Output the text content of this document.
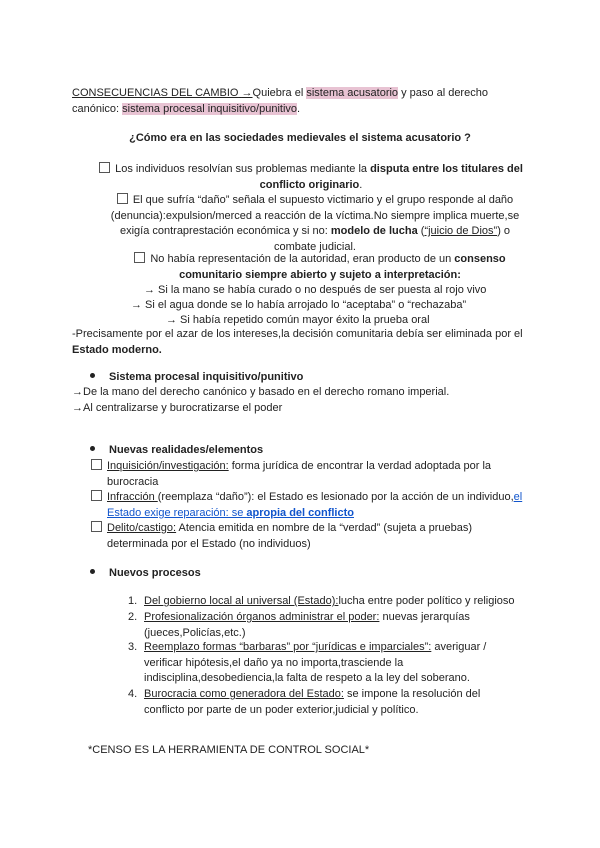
CONSECUENCIAS DEL CAMBIO →Quiebra el sistema acusatorio y paso al derecho
canónico: sistema procesal inquisitivo/punitivo.
¿Cómo era en las sociedades medievales el sistema acusatorio ?
Los individuos resolvían sus problemas mediante la disputa entre los titulares del
conflicto originario.
El que sufría “daño” señala el supuesto victimario y el grupo responde al daño
(denuncia):expulsion/merced a reacción de la víctima.No siempre implica muerte,se
exigía contraprestación económica y si no: modelo de lucha (“juicio de Dios”) o
combate judicial.
No había representación de la autoridad, eran producto de un consenso
comunitario siempre abierto y sujeto a interpretación:
→ Si la mano se había curado o no después de ser puesta al rojo vivo
→ Si el agua donde se lo había arrojado lo “aceptaba” o “rechazaba”
→ Si había repetido común mayor éxito la prueba oral
-Precisamente por el azar de los intereses,la decisión comunitaria debía ser eliminada por el
Estado moderno.
Sistema procesal inquisitivo/punitivo
→De la mano del derecho canónico y basado en el derecho romano imperial.
→Al centralizarse y burocratizarse el poder
Nuevas realidades/elementos
Inquisición/investigación: forma jurídica de encontrar la verdad adoptada por la
burocracia
Infracción (reemplaza “daño”): el Estado es lesionado por la acción de un individuo,el
Estado exige reparación: se apropia del conflicto
Delito/castigo: Atencia emitida en nombre de la “verdad” (sujeta a pruebas)
determinada por el Estado (no individuos)
Nuevos procesos
1. Del gobierno local al universal (Estado):lucha entre poder político y religioso
2. Profesionalización órganos administrar el poder: nuevas jerarquías
(jueces,Policías,etc.)
3. Reemplazo formas “barbaras” por “jurídicas e imparciales”: averiguar /
verificar hipótesis,el daño ya no importa,trasciende la
indisciplina,desobediencia,la falta de respeto a la ley del soberano.
4. Burocracia como generadora del Estado: se impone la resolución del
conflicto por parte de un poder exterior,judicial y político.
*CENSO ES LA HERRAMIENTA DE CONTROL SOCIAL*
